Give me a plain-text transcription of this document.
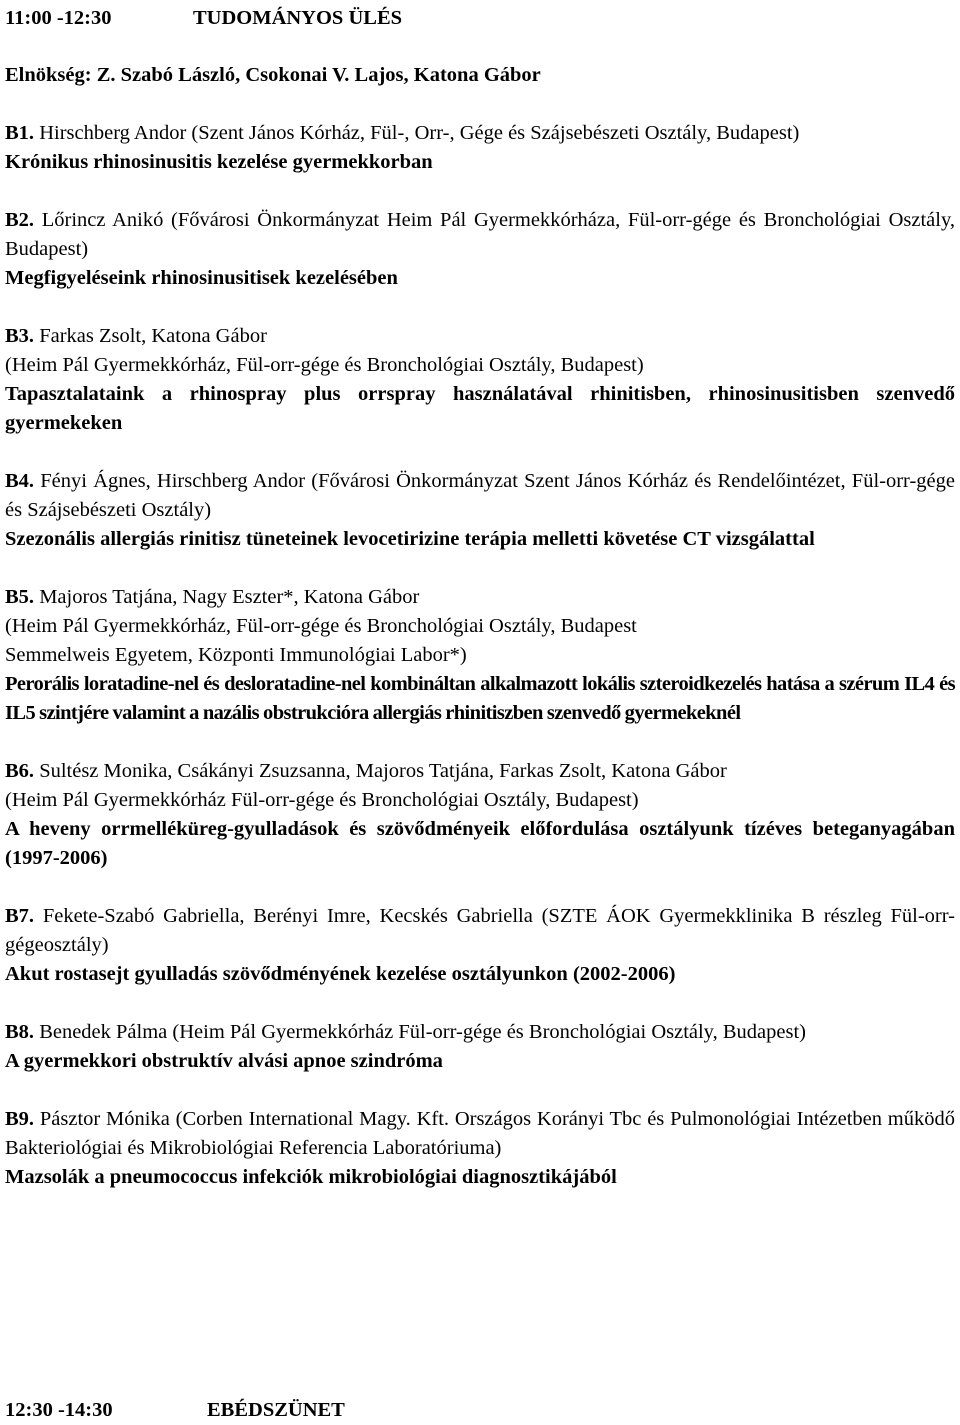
11:00 -12:30	TUDOMÁNYOS ÜLÉS
Elnökség: Z. Szabó László, Csokonai V. Lajos, Katona Gábor

B1. Hirschberg Andor (Szent János Kórház, Fül-, Orr-, Gége és Szájsebészeti Osztály, Budapest)

Krónikus rhinosinusitis kezelése gyermekkorban

B2. Lőrincz Anikó (Fővárosi Önkormányzat Heim Pál Gyermekkórháza, Fül-orr-gége és Bronchológiai Osztály, Budapest)

Megfigyeléseink rhinosinusitisek kezelésében

B3. Farkas Zsolt, Katona Gábor

(Heim Pál Gyermekkórház, Fül-orr-gége és Bronchológiai Osztály, Budapest)

Tapasztalataink a rhinospray plus orrspray használatával rhinitisben, rhinosinusitisben szenvedő gyermekeken

B4. Fényi Ágnes, Hirschberg Andor (Fővárosi Önkormányzat Szent János Kórház és Rendelőintézet, Fül-orr-gége és Szájsebészeti Osztály)

Szezonális allergiás rinitisz tüneteinek levocetirizine terápia melletti követése CT vizsgálattal

B5. Majoros Tatjána, Nagy Eszter*, Katona Gábor

(Heim Pál Gyermekkórház, Fül-orr-gége és Bronchológiai Osztály, Budapest

Semmelweis Egyetem, Központi Immunológiai Labor*)

Perorális loratadine-nel és desloratadine-nel kombináltan alkalmazott lokális szteroidkezelés hatása a szérum IL4 és IL5 szintjére valamint a nazális obstrukcióra allergiás rhinitiszben szenvedő gyermekeknél

B6. Sultész Monika, Csákányi Zsuzsanna, Majoros Tatjána, Farkas Zsolt, Katona Gábor

(Heim Pál Gyermekkórház Fül-orr-gége és Bronchológiai Osztály, Budapest)

A heveny orrmelléküreg-gyulladások és szövődményeik előfordulása osztályunk tízéves beteganyagában (1997-2006)

B7. Fekete-Szabó Gabriella, Berényi Imre, Kecskés Gabriella (SZTE ÁOK Gyermekklinika B részleg Fül-orr-gégeosztály)

Akut rostasejt gyulladás szövődményének kezelése osztályunkon (2002-2006)

B8. Benedek Pálma (Heim Pál Gyermekkórház Fül-orr-gége és Bronchológiai Osztály, Budapest)

A gyermekkori obstruktív alvási apnoe szindróma

B9. Pásztor Mónika (Corben International Magy. Kft. Országos Korányi Tbc és Pulmonológiai Intézetben működő Bakteriológiai és Mikrobiológiai Referencia Laboratóriuma)

Mazsolák a pneumococcus infekciók mikrobiológiai diagnosztikájából

12:30 -14:30	EBÉDSZÜNET
